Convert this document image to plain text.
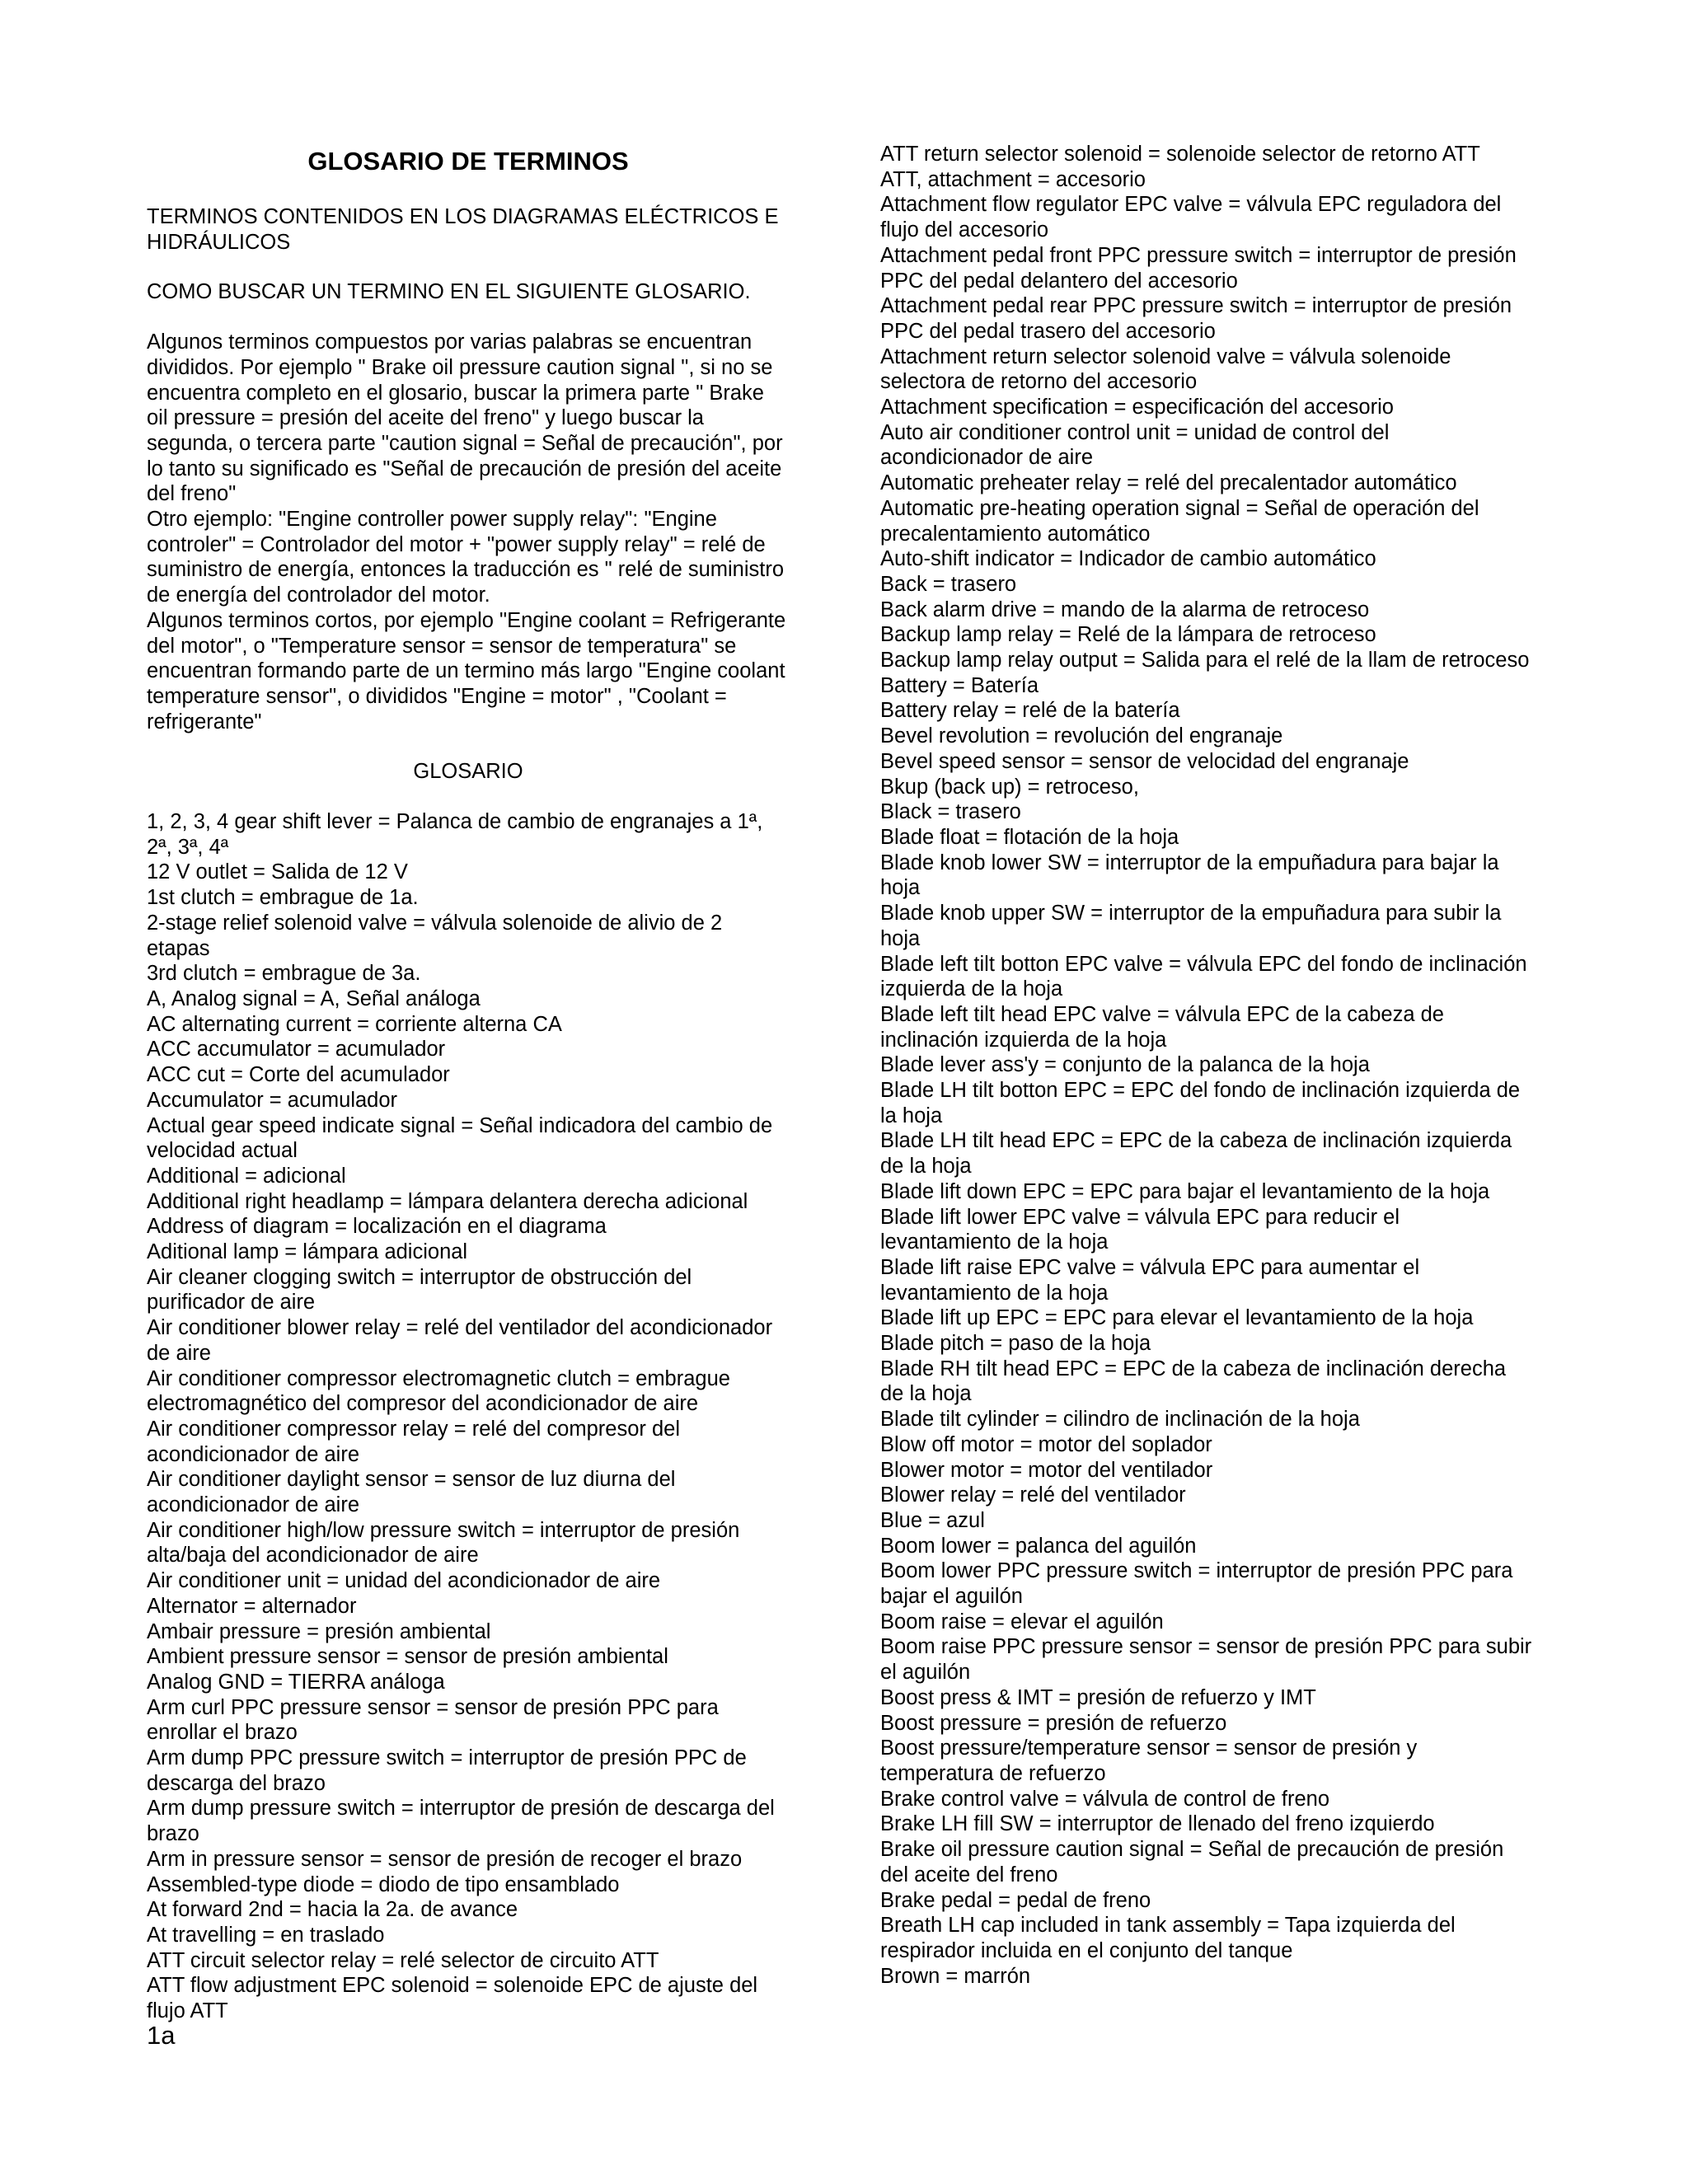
GLOSARIO DE TERMINOS

TERMINOS CONTENIDOS EN LOS DIAGRAMAS ELÉCTRICOS E HIDRÁULICOS

COMO BUSCAR UN TERMINO EN EL SIGUIENTE GLOSARIO.

Algunos terminos compuestos por varias palabras se encuentran divididos. Por ejemplo " Brake oil pressure caution signal ", si no se encuentra completo en el glosario, buscar la primera parte " Brake oil pressure = presión del aceite del freno" y luego buscar la segunda, o tercera parte "caution signal = Señal de precaución", por lo tanto su significado es "Señal de precaución de presión del aceite del freno"

Otro ejemplo: "Engine controller power supply relay": "Engine controler" = Controlador del motor + "power supply relay" = relé de suministro de energía, entonces la traducción es " relé de suministro de energía del controlador del motor.

Algunos terminos cortos, por ejemplo "Engine coolant = Refrigerante del motor", o "Temperature sensor = sensor de temperatura" se encuentran formando parte de un termino más largo "Engine coolant temperature sensor", o divididos "Engine = motor" , "Coolant = refrigerante"

GLOSARIO

1, 2, 3, 4 gear shift lever = Palanca de cambio de engranajes a 1ª, 2ª, 3ª, 4ª

12 V outlet = Salida de 12 V

1st clutch = embrague de 1a.

2-stage relief solenoid valve = válvula solenoide de alivio de 2 etapas

3rd clutch = embrague de 3a.

A, Analog signal = A, Señal análoga

AC alternating current = corriente alterna CA

ACC accumulator = acumulador

ACC cut = Corte del acumulador

Accumulator = acumulador

Actual gear speed indicate signal = Señal indicadora del cambio de velocidad actual

Additional = adicional

Additional right headlamp = lámpara delantera derecha adicional

Address of diagram = localización en el diagrama

Aditional lamp = lámpara adicional

Air cleaner clogging switch = interruptor de obstrucción del purificador de aire

Air conditioner blower relay = relé del ventilador del acondicionador de aire

Air conditioner compressor electromagnetic clutch = embrague electromagnético del compresor del acondicionador de aire

Air conditioner compressor relay = relé del compresor del acondicionador de aire

Air conditioner daylight sensor = sensor de luz diurna del acondicionador de aire

Air conditioner high/low pressure switch = interruptor de presión alta/baja del acondicionador de aire

Air conditioner unit = unidad del acondicionador de aire

Alternator = alternador

Ambair pressure = presión ambiental

Ambient pressure sensor = sensor de presión ambiental

Analog GND = TIERRA análoga

Arm curl PPC pressure sensor = sensor de presión PPC para enrollar el brazo

Arm dump PPC pressure switch = interruptor de presión PPC de descarga del brazo

Arm dump pressure switch = interruptor de presión de descarga del brazo

Arm in pressure sensor = sensor de presión de recoger el brazo

Assembled-type diode = diodo de tipo ensamblado

At forward 2nd = hacia la 2a. de avance

At travelling = en traslado

ATT circuit selector relay = relé selector de circuito ATT

ATT flow adjustment EPC solenoid = solenoide EPC de ajuste del flujo ATT

ATT return selector solenoid = solenoide selector de retorno ATT

ATT, attachment = accesorio

Attachment flow regulator EPC valve = válvula EPC reguladora del flujo del accesorio

Attachment pedal front PPC pressure switch = interruptor de presión PPC del pedal delantero del accesorio

Attachment pedal rear PPC pressure switch = interruptor de presión PPC del pedal trasero del accesorio

Attachment return selector solenoid valve = válvula solenoide selectora de retorno del accesorio

Attachment specification = especificación del accesorio

Auto air conditioner control unit = unidad de control del acondicionador de aire

Automatic preheater relay = relé del precalentador automático

Automatic pre-heating operation signal = Señal de operación del precalentamiento automático

Auto-shift indicator = Indicador de cambio automático

Back = trasero

Back alarm drive = mando de la alarma de retroceso

Backup lamp relay = Relé de la lámpara de retroceso

Backup lamp relay output = Salida para el relé de la llam de retroceso

Battery = Batería

Battery relay = relé de la batería

Bevel revolution = revolución del engranaje

Bevel speed sensor = sensor de velocidad del engranaje

Bkup (back up) = retroceso,

Black = trasero

Blade float = flotación de la hoja

Blade knob lower SW = interruptor de la empuñadura para bajar la hoja

Blade knob upper SW = interruptor de la empuñadura para subir la hoja

Blade left tilt botton EPC valve = válvula EPC del fondo de inclinación izquierda de la hoja

Blade left tilt head EPC valve = válvula EPC de la cabeza de inclinación izquierda de la hoja

Blade lever ass'y = conjunto de la palanca de la hoja

Blade LH tilt botton EPC = EPC del fondo de inclinación izquierda de la hoja

Blade LH tilt head EPC = EPC de la cabeza de inclinación izquierda de la hoja

Blade lift down EPC = EPC para bajar el levantamiento de la hoja

Blade lift lower EPC valve = válvula EPC para reducir el levantamiento de la hoja

Blade lift raise EPC valve = válvula EPC para aumentar el levantamiento de la hoja

Blade lift up EPC = EPC para elevar el levantamiento de la hoja

Blade pitch = paso de la hoja

Blade RH tilt head EPC = EPC de la cabeza de inclinación derecha de la hoja

Blade tilt cylinder = cilindro de inclinación de la hoja

Blow off motor = motor del soplador

Blower motor = motor del ventilador

Blower relay = relé del ventilador

Blue = azul

Boom lower = palanca del aguilón

Boom lower PPC pressure switch = interruptor de presión PPC para bajar el aguilón

Boom raise = elevar el aguilón

Boom raise PPC pressure sensor = sensor de presión PPC para subir el aguilón

Boost press & IMT = presión de refuerzo y IMT

Boost pressure = presión de refuerzo

Boost pressure/temperature sensor = sensor de presión y temperatura de refuerzo

Brake control valve = válvula de control de freno

Brake LH fill SW = interruptor de llenado del freno izquierdo

Brake oil pressure caution signal = Señal de precaución de presión del aceite del freno

Brake pedal = pedal de freno

Breath LH cap included in tank assembly = Tapa izquierda del respirador incluida en el conjunto del tanque

Brown = marrón

1a
